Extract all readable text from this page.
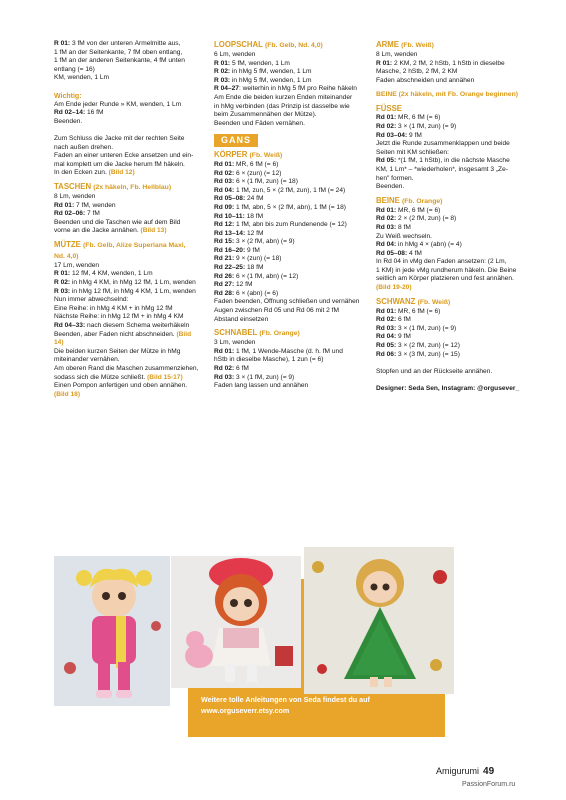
R 01: 3 fM von der unteren Ärmelmitte aus,
1 fM an der Seitenkante, 7 fM oben entlang,
1 fM an der anderen Seitenkante, 4 fM unten
entlang (= 16)
KM, wenden, 1 Lm
Wichtig:
Am Ende jeder Runde » KM, wenden, 1 Lm
Rd 02–14: 16 fM
Beenden.
Zum Schluss die Jacke mit der rechten Seite
nach außen drehen.
Faden an einer unteren Ecke ansetzen und ein-
mal komplett um die Jacke herum fM häkeln.
In den Ecken zun. (Bild 12)
TASCHEN (2x häkeln, Fb. Hellblau)
8 Lm, wenden
Rd 01: 7 fM, wenden
Rd 02–06: 7 fM
Beenden und die Taschen wie auf dem Bild
vorne an die Jacke annähen. (Bild 13)
MÜTZE (Fb. Gelb, Alize Superlana Maxi,
Nd. 4,0)
17 Lm, wenden
R 01: 12 fM, 4 KM, wenden, 1 Lm
R 02: in hMg 4 KM, in hMg 12 fM, 1 Lm, wenden
R 03: in hMg 12 fM, in hMg 4 KM, 1 Lm, wenden
Nun immer abwechselnd:
Eine Reihe: in hMg 4 KM + in hMg 12 fM
Nächste Reihe: in hMg 12 fM + in hMg 4 KM
Rd 04–33: nach diesem Schema weiterhäkeln
Beenden, aber Faden nicht abschneiden. (Bild
14)
Die beiden kurzen Seiten der Mütze in hMg
miteinander vernähen.
Am oberen Rand die Maschen zusammenziehen,
sodass sich die Mütze schließt. (Bild 15-17)
Einen Pompon anfertigen und oben annähen.
(Bild 18)
LOOPSCHAL (Fb. Gelb, Nd. 4,0)
6 Lm, wenden
R 01: 5 fM, wenden, 1 Lm
R 02: in hMg 5 fM, wenden, 1 Lm
R 03: in hMg 5 fM, wenden, 1 Lm
R 04–27: weiterhin in hMg 5 fM pro Reihe häkeln
Am Ende die beiden kurzen Enden miteinander
in hMg verbinden (das Prinzip ist dasselbe wie
beim Zusammennähen der Mütze).
Beenden und Fäden vernähen.
GANS
KÖRPER (Fb. Weiß)
Rd 01: MR, 6 fM (= 6)
Rd 02: 6 × (zun) (= 12)
Rd 03: 6 × (1 fM, zun) (= 18)
Rd 04: 1 fM, zun, 5 × (2 fM, zun), 1 fM (= 24)
Rd 05–08: 24 fM
Rd 09: 1 fM, abn, 5 × (2 fM, abn), 1 fM (= 18)
Rd 10–11: 18 fM
Rd 12: 1 fM, abn bis zum Rundenende (= 12)
Rd 13–14: 12 fM
Rd 15: 3 × (2 fM, abn) (= 9)
Rd 16–20: 9 fM
Rd 21: 9 × (zun) (= 18)
Rd 22–25: 18 fM
Rd 26: 6 × (1 fM, abn) (= 12)
Rd 27: 12 fM
Rd 28: 6 × (abn) (= 6)
Faden beenden, Öffnung schließen und vernähen
Augen zwischen Rd 05 und Rd 06 mit 2 fM
Abstand einsetzen
SCHNABEL (Fb. Orange)
3 Lm, wenden
Rd 01: 1 fM, 1 Wende-Masche (d. h. fM und
hStb in dieselbe Masche), 1 zun (= 6)
Rd 02: 6 fM
Rd 03: 3 × (1 fM, zun) (= 9)
Faden lang lassen und annähen
ARME (Fb. Weiß)
8 Lm, wenden
R 01: 2 KM, 2 fM, 2 hStb, 1 hStb in dieselbe
Masche, 2 hStb, 2 fM, 2 KM
Faden abschneiden und annähen
BEINE (2x häkeln, mit Fb. Orange beginnen)
FÜSSE
Rd 01: MR, 6 fM (= 6)
Rd 02: 3 × (1 fM, zun) (= 9)
Rd 03–04: 9 fM
Jetzt die Runde zusammenklappen und beide
Seiten mit KM schließen:
Rd 05: *(1 fM, 1 hStb), in die nächste Masche
KM, 1 Lm* – *wiederholen*, insgesamt 3 „Ze-
hen" formen.
Beenden.
BEINE (Fb. Orange)
Rd 01: MR, 6 fM (= 6)
Rd 02: 2 × (2 fM, zun) (= 8)
Rd 03: 8 fM
Zu Weiß wechseln.
Rd 04: in hMg 4 × (abn) (= 4)
Rd 05–08: 4 fM
In Rd 04 in vMg den Faden ansetzen: (2 Lm,
1 KM) in jede vMg rundherum häkeln. Die Beine
seitlich am Körper platzieren und fest annähen.
(Bild 19-20)
SCHWANZ (Fb. Weiß)
Rd 01: MR, 6 fM (= 6)
Rd 02: 6 fM
Rd 03: 3 × (1 fM, zun) (= 9)
Rd 04: 9 fM
Rd 05: 3 × (2 fM, zun) (= 12)
Rd 06: 3 × (3 fM, zun) (= 15)
Stopfen und an der Rückseite annähen.
Designer: Seda Sen, Instagram: @orgusever_
Weitere tolle Anleitungen von Seda findest du auf
www.orguseverr.etsy.com
Amigurumi 49
PassionForum.ru
